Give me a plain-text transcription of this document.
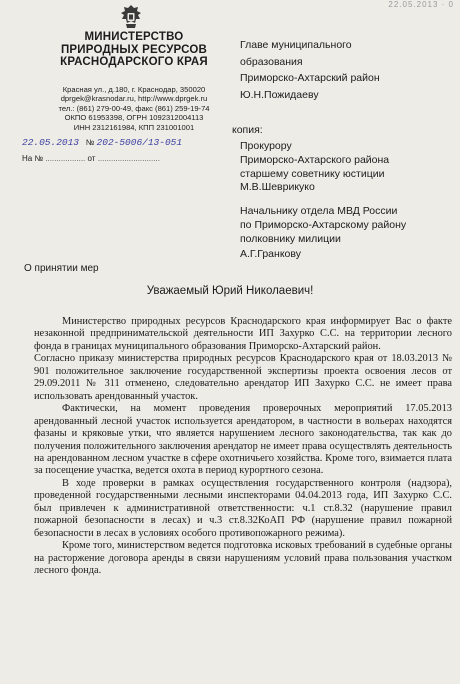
22.05.2013 · 0
МИНИСТЕРСТВО
ПРИРОДНЫХ РЕСУРСОВ
КРАСНОДАРСКОГО КРАЯ
Красная ул., д.180, г. Краснодар, 350020
dprgek@krasnodar.ru, http://www.dprgek.ru
тел.: (861) 279-00-49, факс (861) 259-19-74
ОКПО 61953398, ОГРН 1092312004113
ИНН 2312161984, КПП 231001001
22.05.2013 № 202-5006/13-051
На № .................. от ............................
Главе муниципального
образования
Приморско-Ахтарский район
Ю.Н.Пожидаеву
копия:
Прокурору
Приморско-Ахтарского района
старшему советнику юстиции
М.В.Шеврикуко
Начальнику отдела МВД России
по Приморско-Ахтарскому району
полковнику милиции
А.Г.Гранкову
О принятии мер
Уважаемый Юрий Николаевич!

Министерство природных ресурсов Краснодарского края информирует Вас о факте незаконной предпринимательской деятельности ИП Захурко С.С. на территории лесного фонда в границах муниципального образования Приморско-Ахтарский район.

Согласно приказу министерства природных ресурсов Краснодарского края от 18.03.2013 № 901 положительное заключение государственной экспертизы проекта освоения лесов от 29.09.2011 № 311 отменено, следовательно арендатор ИП Захурко С.С. не имеет права использовать арендованный участок.

Фактически, на момент проведения проверочных мероприятий 17.05.2013 арендованный лесной участок используется арендатором, в частности в вольерах находятся фазаны и кряковые утки, что является нарушением лесного законодательства, так как до получения положительного заключения арендатор не имеет права осуществлять деятельность на арендованном лесном участке в сфере охотничьего хозяйства. Кроме того, взимается плата за посещение участка, ведется охота в период курортного сезона.

В ходе проверки в рамках осуществления государственного контроля (надзора), проведенной государственными лесными инспекторами 04.04.2013 года, ИП Захурко С.С. был привлечен к административной ответственности: ч.1 ст.8.32 (нарушение правил пожарной безопасности в лесах) и ч.3 ст.8.32КоАП РФ (нарушение правил пожарной безопасности в лесах в условиях особого противопожарного режима).

Кроме того, министерством ведется подготовка исковых требований в судебные органы на расторжение договора аренды в связи нарушениям условий права пользования участком лесного фонда.
